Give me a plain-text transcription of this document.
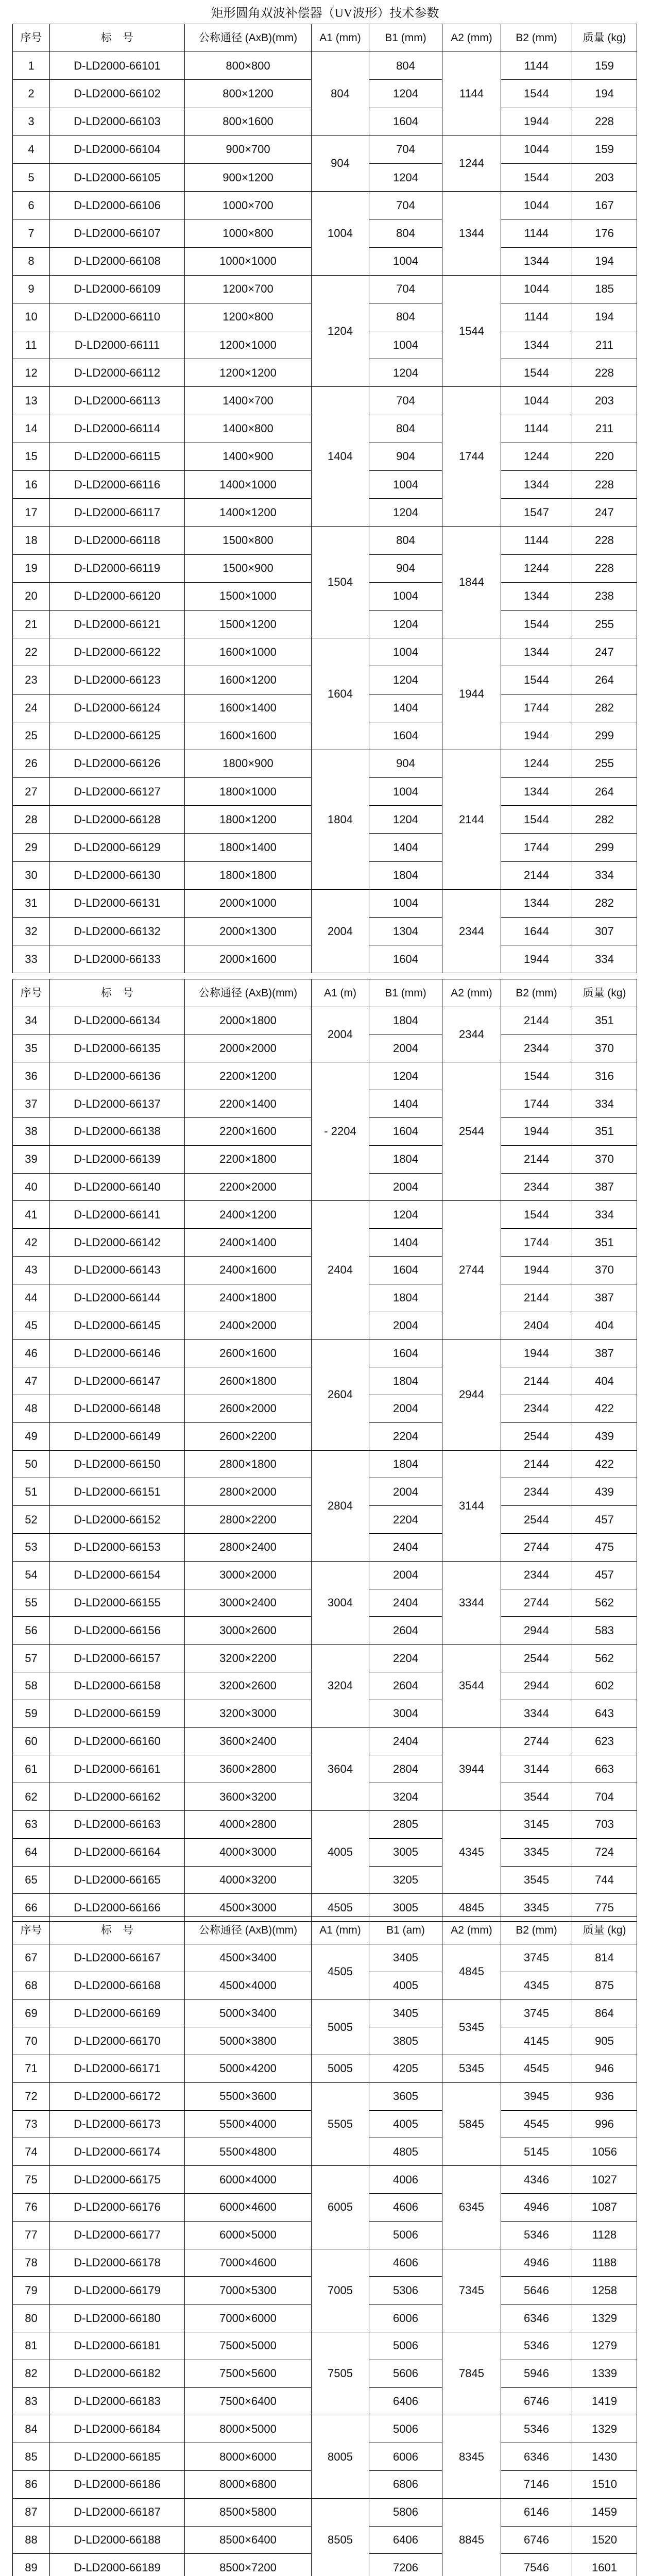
矩形圆角双波补偿器（UV波形）技术参数
序号	标　号	公称通径 (AxB)(mm)	A1 (mm)	B1 (mm)	A2 (mm)	B2 (mm)	质量 (kg)
1	D-LD2000-66101	800×800	804	804	1144	1144	159
2	D-LD2000-66102	800×1200		1204		1544	194
3	D-LD2000-66103	800×1600		1604		1944	228
4	D-LD2000-66104	900×700	904	704	1244	1044	159
5	D-LD2000-66105	900×1200		1204		1544	203
6	D-LD2000-66106	1000×700	1004	704	1344	1044	167
7	D-LD2000-66107	1000×800		804		1144	176
8	D-LD2000-66108	1000×1000		1004		1344	194
9	D-LD2000-66109	1200×700	1204	704	1544	1044	185
10	D-LD2000-66110	1200×800		804		1144	194
11	D-LD2000-66111	1200×1000		1004		1344	211
12	D-LD2000-66112	1200×1200		1204		1544	228
13	D-LD2000-66113	1400×700	1404	704	1744	1044	203
14	D-LD2000-66114	1400×800		804		1144	211
15	D-LD2000-66115	1400×900		904		1244	220
16	D-LD2000-66116	1400×1000		1004		1344	228
17	D-LD2000-66117	1400×1200		1204		1547	247
18	D-LD2000-66118	1500×800	1504	804	1844	1144	228
19	D-LD2000-66119	1500×900		904		1244	228
20	D-LD2000-66120	1500×1000		1004		1344	238
21	D-LD2000-66121	1500×1200		1204		1544	255
22	D-LD2000-66122	1600×1000	1604	1004	1944	1344	247
23	D-LD2000-66123	1600×1200		1204		1544	264
24	D-LD2000-66124	1600×1400		1404		1744	282
25	D-LD2000-66125	1600×1600		1604		1944	299
26	D-LD2000-66126	1800×900	1804	904	2144	1244	255
27	D-LD2000-66127	1800×1000		1004		1344	264
28	D-LD2000-66128	1800×1200		1204		1544	282
29	D-LD2000-66129	1800×1400		1404		1744	299
30	D-LD2000-66130	1800×1800		1804		2144	334
31	D-LD2000-66131	2000×1000	2004	1004	2344	1344	282
32	D-LD2000-66132	2000×1300		1304		1644	307
33	D-LD2000-66133	2000×1600		1604		1944	334
序号	标　号	公称通径 (AxB)(mm)	A1 (m)	B1 (mm)	A2 (mm)	B2 (mm)	质量 (kg)
34	D-LD2000-66134	2000×1800	2004	1804	2344	2144	351
35	D-LD2000-66135	2000×2000		2004		2344	370
36	D-LD2000-66136	2200×1200	- 2204	1204	2544	1544	316
37	D-LD2000-66137	2200×1400		1404		1744	334
38	D-LD2000-66138	2200×1600		1604		1944	351
39	D-LD2000-66139	2200×1800		1804		2144	370
40	D-LD2000-66140	2200×2000		2004		2344	387
41	D-LD2000-66141	2400×1200	2404	1204	2744	1544	334
42	D-LD2000-66142	2400×1400		1404		1744	351
43	D-LD2000-66143	2400×1600		1604		1944	370
44	D-LD2000-66144	2400×1800		1804		2144	387
45	D-LD2000-66145	2400×2000		2004		2404	404
46	D-LD2000-66146	2600×1600	2604	1604	2944	1944	387
47	D-LD2000-66147	2600×1800		1804		2144	404
48	D-LD2000-66148	2600×2000		2004		2344	422
49	D-LD2000-66149	2600×2200		2204		2544	439
50	D-LD2000-66150	2800×1800	2804	1804	3144	2144	422
51	D-LD2000-66151	2800×2000		2004		2344	439
52	D-LD2000-66152	2800×2200		2204		2544	457
53	D-LD2000-66153	2800×2400		2404		2744	475
54	D-LD2000-66154	3000×2000	3004	2004	3344	2344	457
55	D-LD2000-66155	3000×2400		2404		2744	562
56	D-LD2000-66156	3000×2600		2604		2944	583
57	D-LD2000-66157	3200×2200	3204	2204	3544	2544	562
58	D-LD2000-66158	3200×2600		2604		2944	602
59	D-LD2000-66159	3200×3000		3004		3344	643
60	D-LD2000-66160	3600×2400	3604	2404	3944	2744	623
61	D-LD2000-66161	3600×2800		2804		3144	663
62	D-LD2000-66162	3600×3200		3204		3544	704
63	D-LD2000-66163	4000×2800	4005	2805	4345	3145	703
64	D-LD2000-66164	4000×3000		3005		3345	724
65	D-LD2000-66165	4000×3200		3205		3545	744
66	D-LD2000-66166	4500×3000	4505	3005	4845	3345	775
序号	标　号	公称通径 (AxB)(mm)	A1 (mm)	B1 (am)	A2 (mm)	B2 (mm)	质量 (kg)
67	D-LD2000-66167	4500×3400	4505	3405	4845	3745	814
68	D-LD2000-66168	4500×4000		4005		4345	875
69	D-LD2000-66169	5000×3400	5005	3405	5345	3745	864
70	D-LD2000-66170	5000×3800		3805		4145	905
71	D-LD2000-66171	5000×4200	5005	4205	5345	4545	946
72	D-LD2000-66172	5500×3600	5505	3605	5845	3945	936
73	D-LD2000-66173	5500×4000		4005		4545	996
74	D-LD2000-66174	5500×4800		4805		5145	1056
75	D-LD2000-66175	6000×4000	6005	4006	6345	4346	1027
76	D-LD2000-66176	6000×4600		4606		4946	1087
77	D-LD2000-66177	6000×5000		5006		5346	1128
78	D-LD2000-66178	7000×4600	7005	4606	7345	4946	1188
79	D-LD2000-66179	7000×5300		5306		5646	1258
80	D-LD2000-66180	7000×6000		6006		6346	1329
81	D-LD2000-66181	7500×5000	7505	5006	7845	5346	1279
82	D-LD2000-66182	7500×5600		5606		5946	1339
83	D-LD2000-66183	7500×6400		6406		6746	1419
84	D-LD2000-66184	8000×5000	8005	5006	8345	5346	1329
85	D-LD2000-66185	8000×6000		6006		6346	1430
86	D-LD2000-66186	8000×6800		6806		7146	1510
87	D-LD2000-66187	8500×5800	8505	5806	8845	6146	1459
88	D-LD2000-66188	8500×6400		6406		6746	1520
89	D-LD2000-66189	8500×7200		7206		7546	1601
